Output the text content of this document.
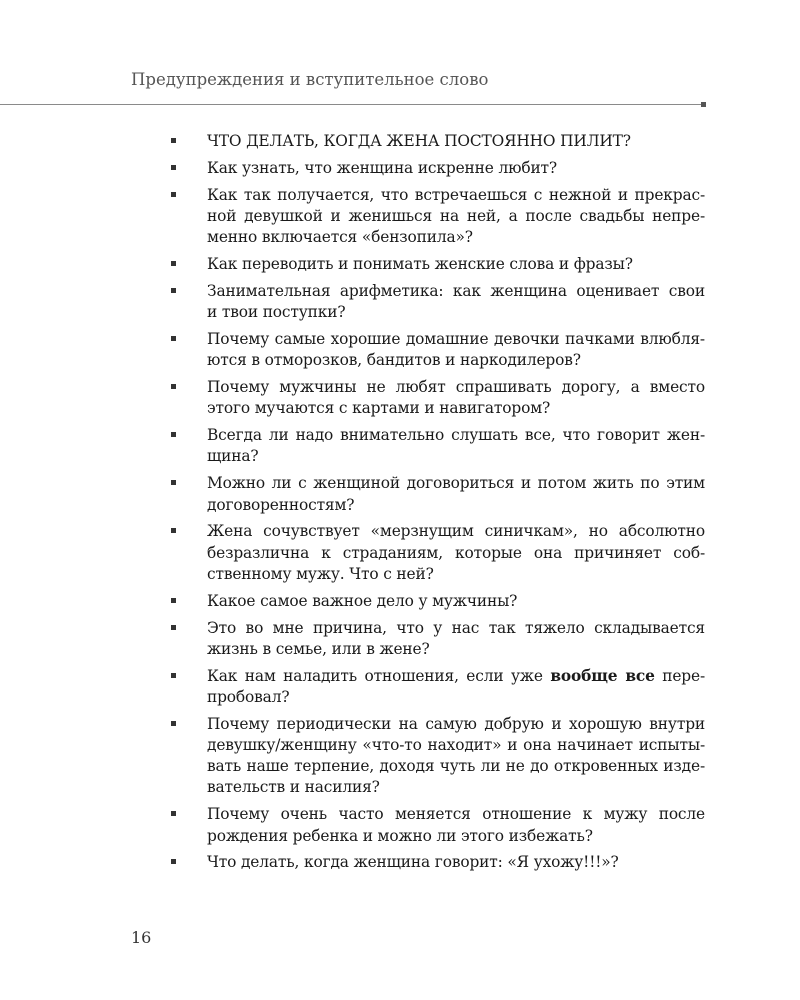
Предупреждения и вступительное слово
ЧТО ДЕЛАТЬ, КОГДА ЖЕНА ПОСТОЯННО ПИЛИТ?
Как узнать, что женщина искренне любит?
Как так получается, что встречаешься с нежной и прекрас-
ной девушкой и женишься на ней, а после свадьбы непре-
менно включается «бензопила»?
Как переводить и понимать женские слова и фразы?
Занимательная арифметика: как женщина оценивает свои
и твои поступки?
Почему самые хорошие домашние девочки пачками влюбля-
ются в отморозков, бандитов и наркодилеров?
Почему мужчины не любят спрашивать дорогу, а вместо
этого мучаются с картами и навигатором?
Всегда ли надо внимательно слушать все, что говорит жен-
щина?
Можно ли с женщиной договориться и потом жить по этим
договоренностям?
Жена сочувствует «мерзнущим синичкам», но абсолютно
безразлична к страданиям, которые она причиняет соб-
ственному мужу. Что с ней?
Какое самое важное дело у мужчины?
Это во мне причина, что у нас так тяжело складывается
жизнь в семье, или в жене?
Как нам наладить отношения, если уже вообще все пере-
пробовал?
Почему периодически на самую добрую и хорошую внутри
девушку/женщину «что-то находит» и она начинает испыты-
вать наше терпение, доходя чуть ли не до откровенных изде-
вательств и насилия?
Почему очень часто меняется отношение к мужу после
рождения ребенка и можно ли этого избежать?
Что делать, когда женщина говорит: «Я ухожу!!!»?
16
